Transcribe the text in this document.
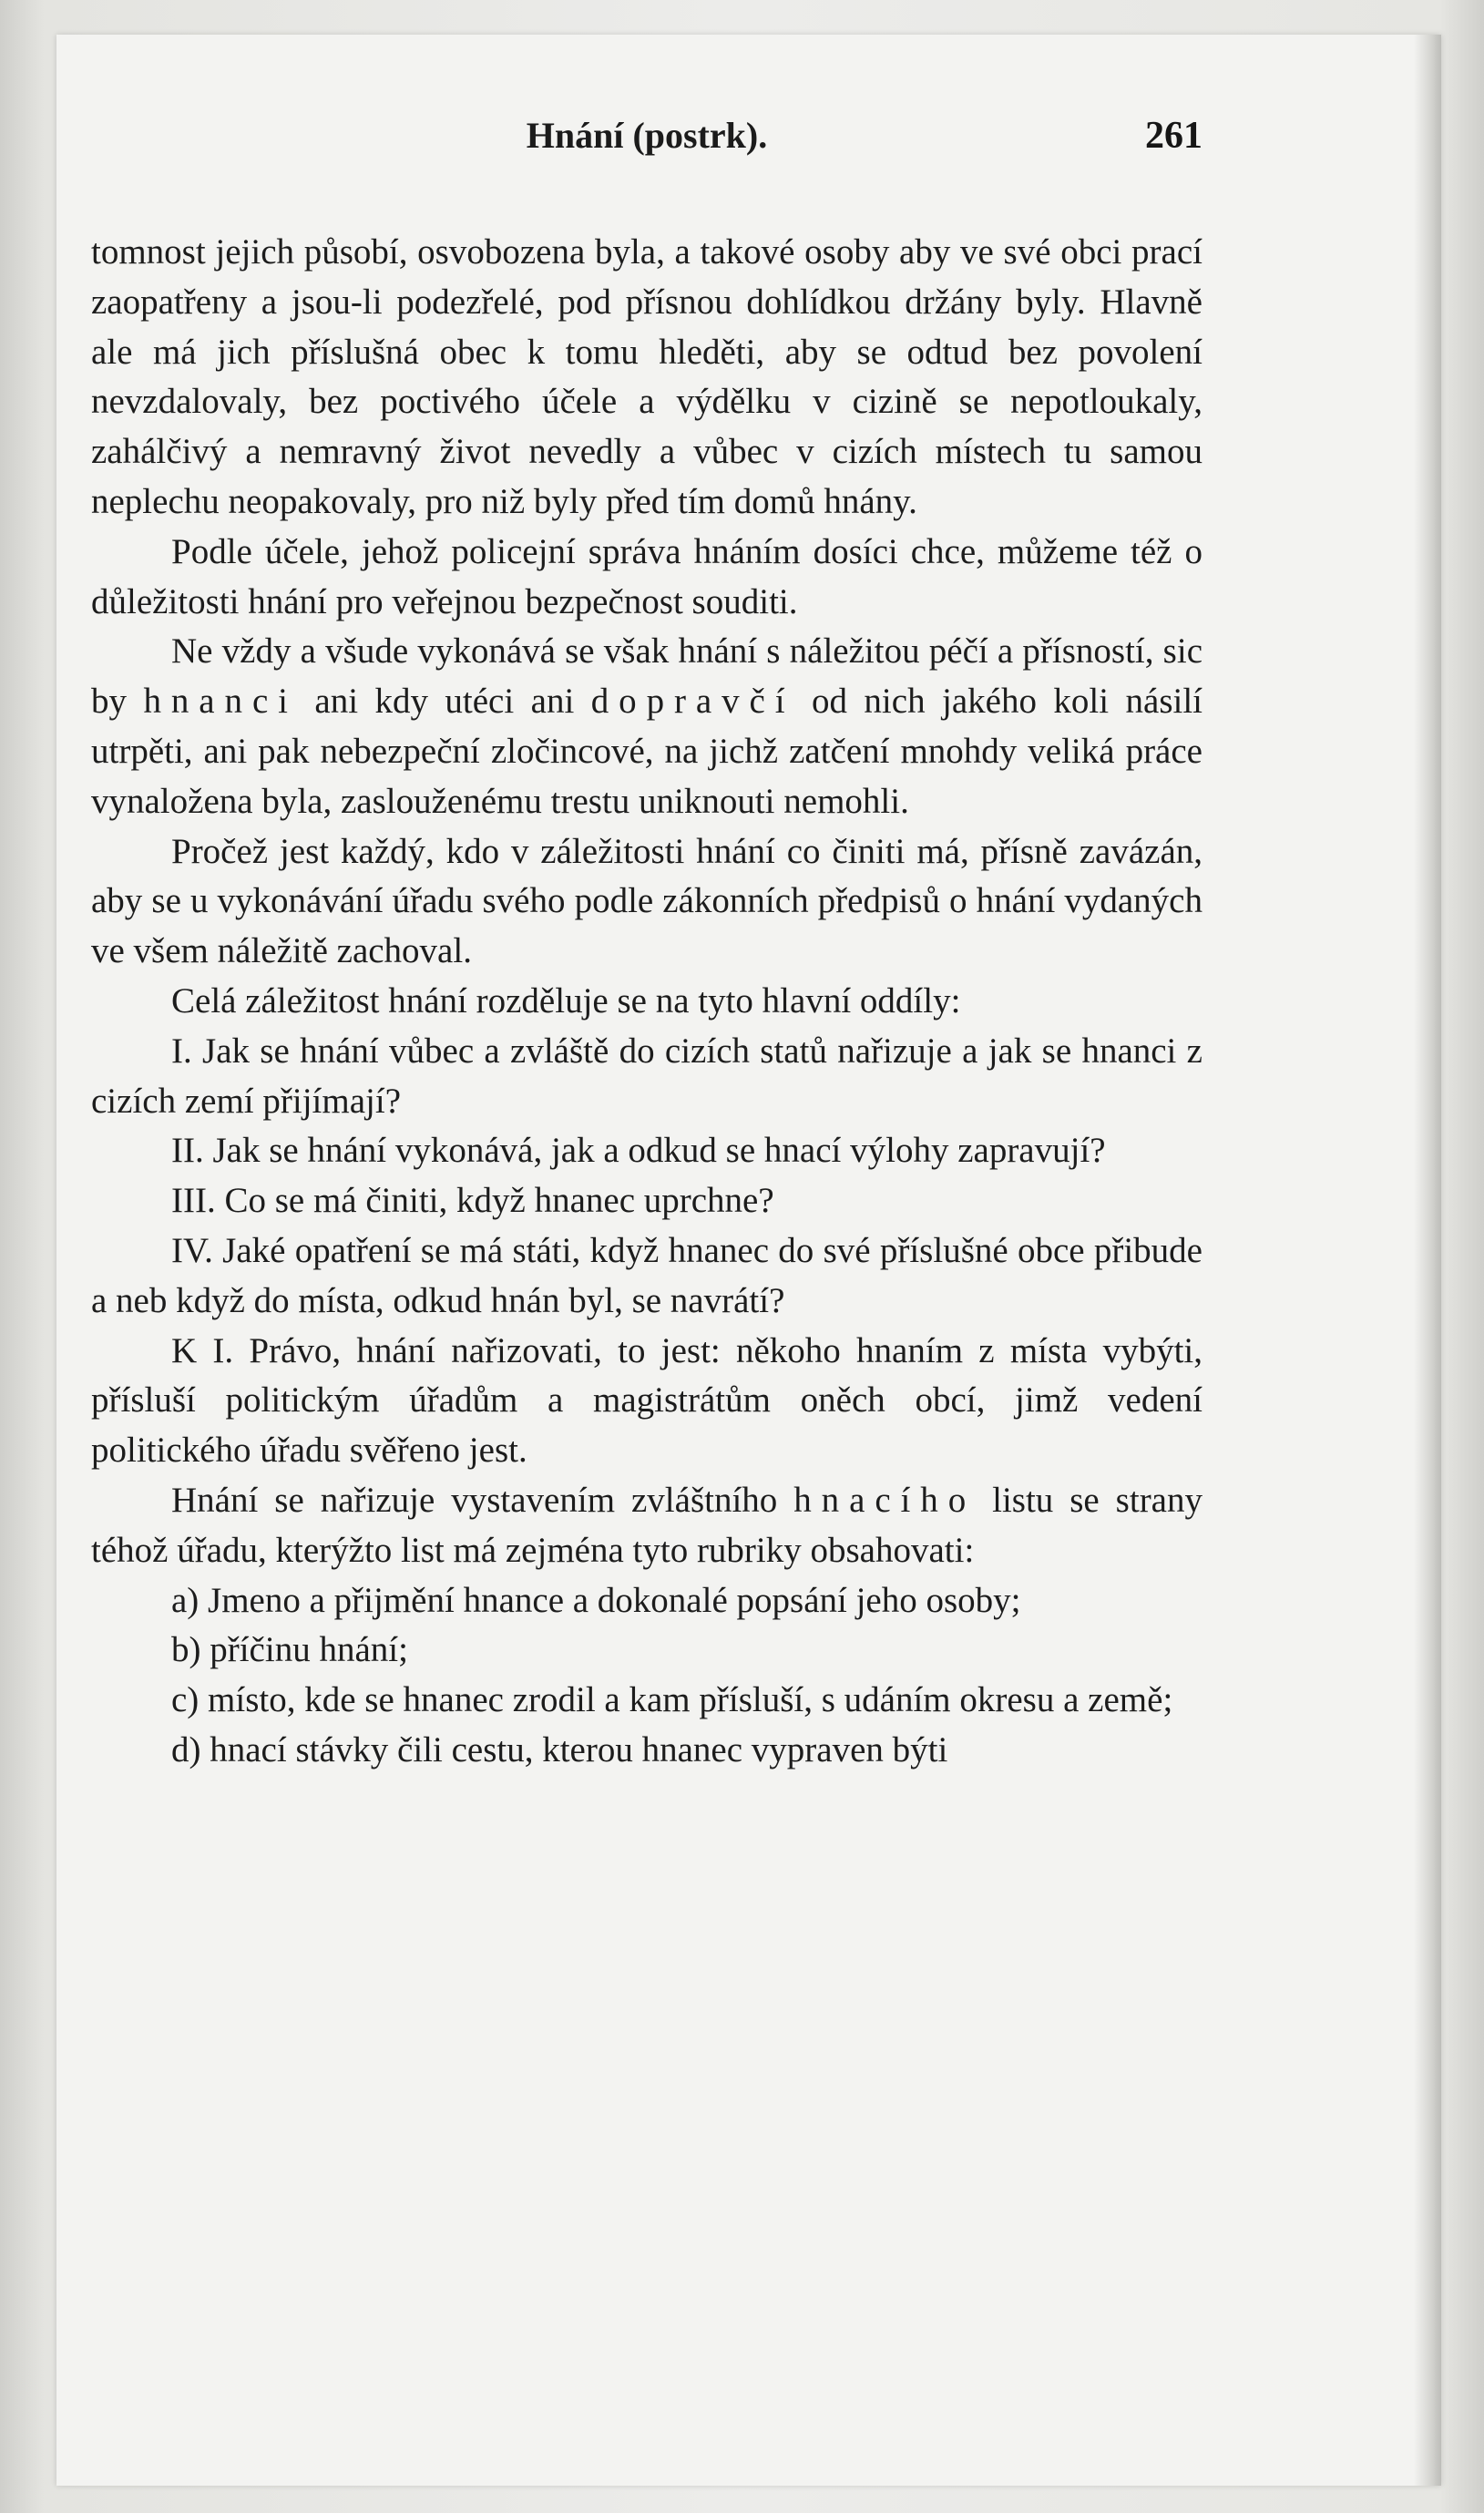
Hnání (postrk).	261

tomnost jejich působí, osvobozena byla, a takové osoby aby ve své obci prací zaopatřeny a jsou-li podezřelé, pod přísnou dohlídkou držány byly. Hlavně ale má jich příslušná obec k tomu hleděti, aby se odtud bez povolení nevzdalovaly, bez poctivého účele a výdělku v cizině se nepotloukaly, zahálčivý a nemravný život nevedly a vůbec v cizích místech tu samou neplechu neopakovaly, pro niž byly před tím domů hnány.

Podle účele, jehož policejní správa hnáním dosíci chce, můžeme též o důležitosti hnání pro veřejnou bezpečnost souditi.

Ne vždy a všude vykonává se však hnání s náležitou péčí a přísností, sic by hnanci ani kdy utéci ani dopravčí od nich jakého koli násilí utrpěti, ani pak nebezpeční zločincové, na jichž zatčení mnohdy veliká práce vynaložena byla, zaslouženému trestu uniknouti nemohli.

Pročež jest každý, kdo v záležitosti hnání co činiti má, přísně zavázán, aby se u vykonávání úřadu svého podle zákonních předpisů o hnání vydaných ve všem náležitě zachoval.

Celá záležitost hnání rozděluje se na tyto hlavní oddíly:

I. Jak se hnání vůbec a zvláště do cizích statů nařizuje a jak se hnanci z cizích zemí přijímají?

II. Jak se hnání vykonává, jak a odkud se hnací výlohy zapravují?

III. Co se má činiti, když hnanec uprchne?

IV. Jaké opatření se má státi, když hnanec do své příslušné obce přibude a neb když do místa, odkud hnán byl, se navrátí?

K I. Právo, hnání nařizovati, to jest: někoho hnaním z místa vybýti, přísluší politickým úřadům a magistrátům oněch obcí, jimž vedení politického úřadu svěřeno jest.

Hnání se nařizuje vystavením zvláštního hnacího listu se strany téhož úřadu, kterýžto list má zejména tyto rubriky obsahovati:

a) Jmeno a přijmění hnance a dokonalé popsání jeho osoby;

b) příčinu hnání;

c) místo, kde se hnanec zrodil a kam přísluší, s udáním okresu a země;

d) hnací stávky čili cestu, kterou hnanec vypraven býti
